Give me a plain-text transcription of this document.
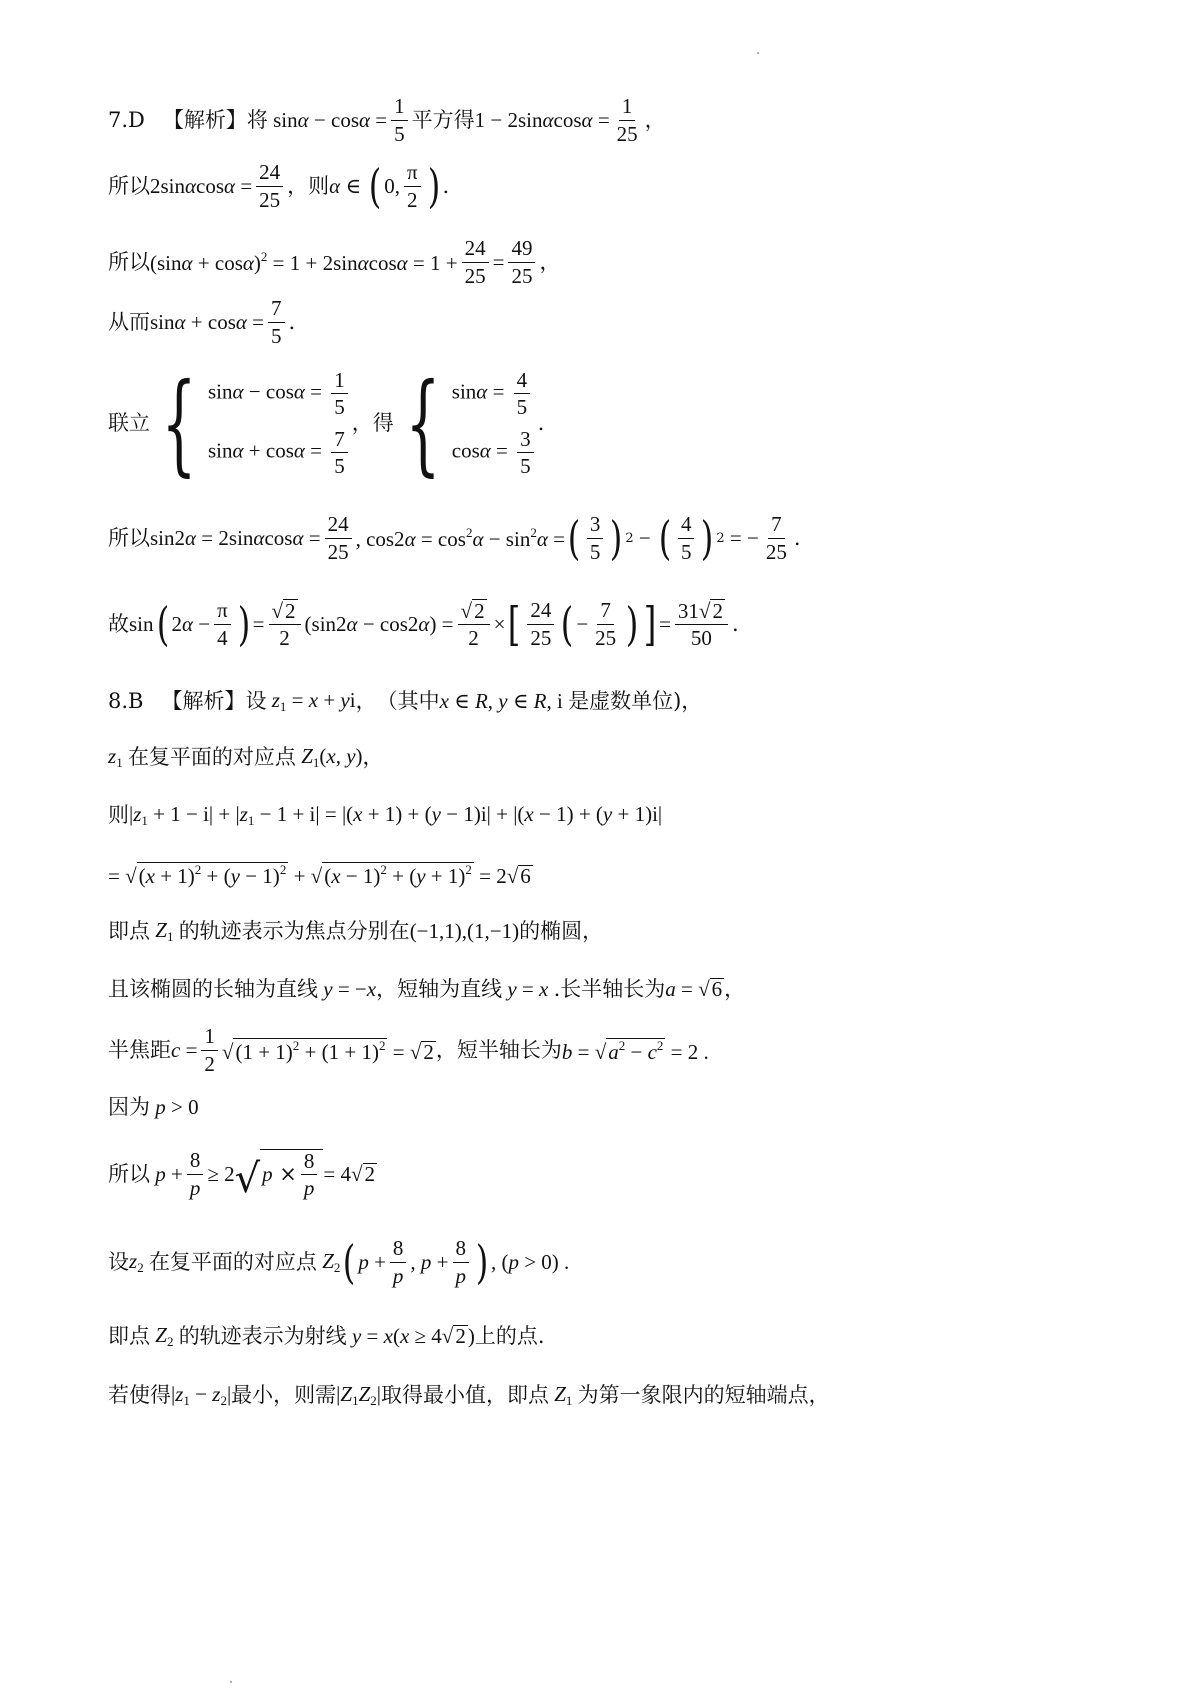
7.D 【解析】 将 $\sin\alpha - \cos\alpha = \frac{1}{5}$ 平方得 $1 - 2\sin\alpha\cos\alpha = \frac{1}{25}$ ，
所以 $2\sin\alpha\cos\alpha = \frac{24}{25}$ ，则 α ∈ ( 0, $\frac{\pi}{2}$ ) .
所以 $(\sin\alpha + \cos\alpha)^2 = 1 + 2\sin\alpha\cos\alpha = 1 + \frac{24}{25} = \frac{49}{25}$ ，
从而 $\sin\alpha + \cos\alpha = \frac{7}{5}$ .
联立 { $\sin\alpha - \cos\alpha = \frac{1}{5}$
$\sin\alpha + \cos\alpha = \frac{7}{5}$
，得 { $\sin\alpha = \frac{4}{5}$
$\cos\alpha = \frac{3}{5}$
.
所以 $\sin 2\alpha = 2\sin\alpha\cos\alpha = \frac{24}{25}$ , $\cos 2\alpha = \cos^2\alpha - \sin^2\alpha$ = ( $\frac{3}{5}$ ) 2 − ( $\frac{4}{5}$ ) 2 = − $\frac{7}{25}$ .
故 sin ( $2\alpha - \frac{\pi}{4}$ ) = $\frac{√ 2}{2} (\sin 2\alpha - \cos 2\alpha) = \frac{√ 2}{2}$ × [ $\frac{24}{25}$ ( − $\frac{7}{25}$ ) ] = $\frac{31 √ 2}{50}$ .
8.B 【解析】 设 $z_1 = x$ + yi ， （其中 x ∈ R, y ∈ R, i 是虚数单位)，
$z_1$ 在复平面的对应点 $Z_1(x$, y) ，
则 $|z_1 + 1 - i| + |z_1 - 1 + i| = |(x + 1) + (y - 1)i| + |(x - 1) + (y + 1)i|$
= √ $(x + 1)^2 + (y - 1)^2$ + √ $(x - 1)^2 + (y + 1)^2 = 2$ √ 6
即点 $Z_1$ 的轨迹表示为焦点分别在 (−1,1),(1,−1) 的椭圆，
且该椭圆的长轴为直线 y = −x ，短轴为直线 y = x .长半轴长为 a = √ 6 ，
半焦距 $c = \frac{1}{2}$ √ $(1 + 1)^2 + (1 + 1)^2$ = √ 2 ，短半轴长为 b = √ $a^2 - c^2 = 2$ .
因为 p > 0
所以 $p + \frac{8}{p} \ge 2$ √ $p \times \frac{8}{p} = 4$ √ 2
设 $z_2$ 在复平面的对应点 $Z_2$ ( $p + \frac{8}{p}$ , $p + \frac{8}{p}$ ) , (p > 0) .
即点 $Z_2$ 的轨迹表示为射线 y = x(x ≥ 4 √ 2 ) 上的点.
若使得 $|z_1 - z_2|$ 最小，则需 $|Z_1Z_2|$ 取得最小值，即点 $Z_1$ 为第一象限内的短轴端点，
